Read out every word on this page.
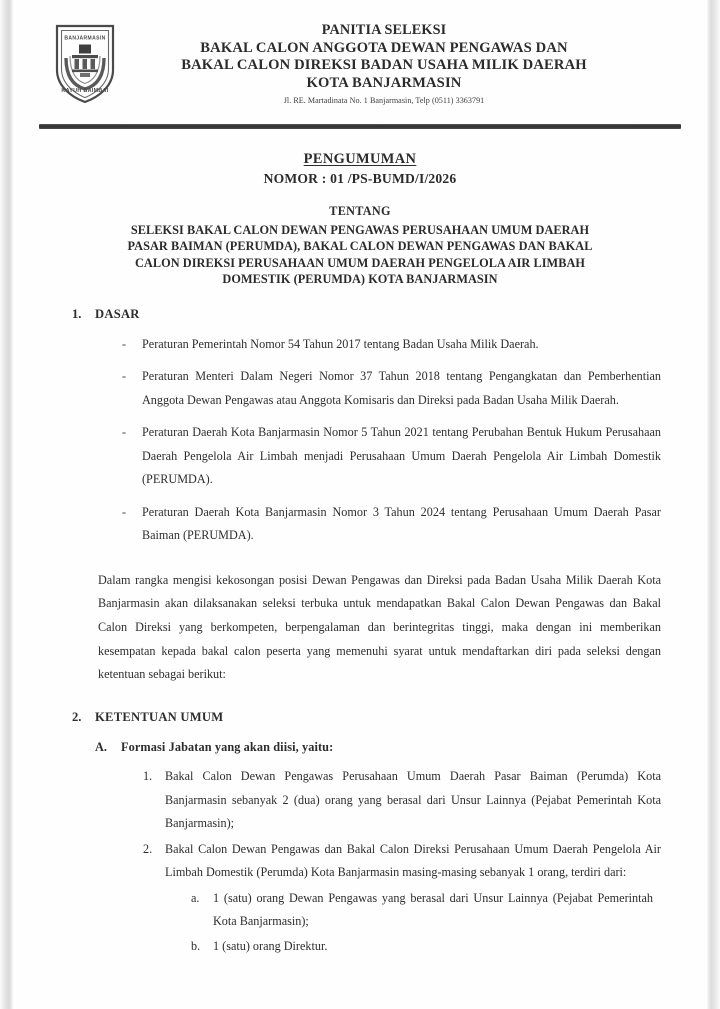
BANJARMASIN
KAYUH BAIMBAI
PANITIA SELEKSI
BAKAL CALON ANGGOTA DEWAN PENGAWAS DAN
BAKAL CALON DIREKSI BADAN USAHA MILIK DAERAH
KOTA BANJARMASIN
Jl. RE. Martadinata No. 1 Banjarmasin, Telp (0511) 3363791
PENGUMUMAN
NOMOR : 01 /PS-BUMD/I/2026
TENTANG
SELEKSI BAKAL CALON DEWAN PENGAWAS PERUSAHAAN UMUM DAERAH
PASAR BAIMAN (PERUMDA), BAKAL CALON DEWAN PENGAWAS DAN BAKAL
CALON DIREKSI PERUSAHAAN UMUM DAERAH PENGELOLA AIR LIMBAH
DOMESTIK (PERUMDA) KOTA BANJARMASIN
1.	DASAR
-	Peraturan Pemerintah Nomor 54 Tahun 2017 tentang Badan Usaha Milik Daerah.
-	Peraturan Menteri Dalam Negeri Nomor 37 Tahun 2018 tentang Pengangkatan dan Pemberhentian Anggota Dewan Pengawas atau Anggota Komisaris dan Direksi pada Badan Usaha Milik Daerah.
-	Peraturan Daerah Kota Banjarmasin Nomor 5 Tahun 2021 tentang Perubahan Bentuk Hukum Perusahaan Daerah Pengelola Air Limbah menjadi Perusahaan Umum Daerah Pengelola Air Limbah Domestik (PERUMDA).
-	Peraturan Daerah Kota Banjarmasin Nomor 3 Tahun 2024 tentang Perusahaan Umum Daerah Pasar Baiman (PERUMDA).
Dalam rangka mengisi kekosongan posisi Dewan Pengawas dan Direksi pada Badan Usaha Milik Daerah Kota Banjarmasin akan dilaksanakan seleksi terbuka untuk mendapatkan Bakal Calon Dewan Pengawas dan Bakal Calon Direksi yang berkompeten, berpengalaman dan berintegritas tinggi, maka dengan ini memberikan kesempatan kepada bakal calon peserta yang memenuhi syarat untuk mendaftarkan diri pada seleksi dengan ketentuan sebagai berikut:
2.	KETENTUAN UMUM
A.	Formasi Jabatan yang akan diisi, yaitu:
1.	Bakal Calon Dewan Pengawas Perusahaan Umum Daerah Pasar Baiman (Perumda) Kota Banjarmasin sebanyak 2 (dua) orang yang berasal dari Unsur Lainnya (Pejabat Pemerintah Kota Banjarmasin);
2.	Bakal Calon Dewan Pengawas dan Bakal Calon Direksi Perusahaan Umum Daerah Pengelola Air Limbah Domestik (Perumda) Kota Banjarmasin masing-masing sebanyak 1 orang, terdiri dari:
a.	1 (satu) orang Dewan Pengawas yang berasal dari Unsur Lainnya (Pejabat Pemerintah Kota Banjarmasin);
b.	1 (satu) orang Direktur.
